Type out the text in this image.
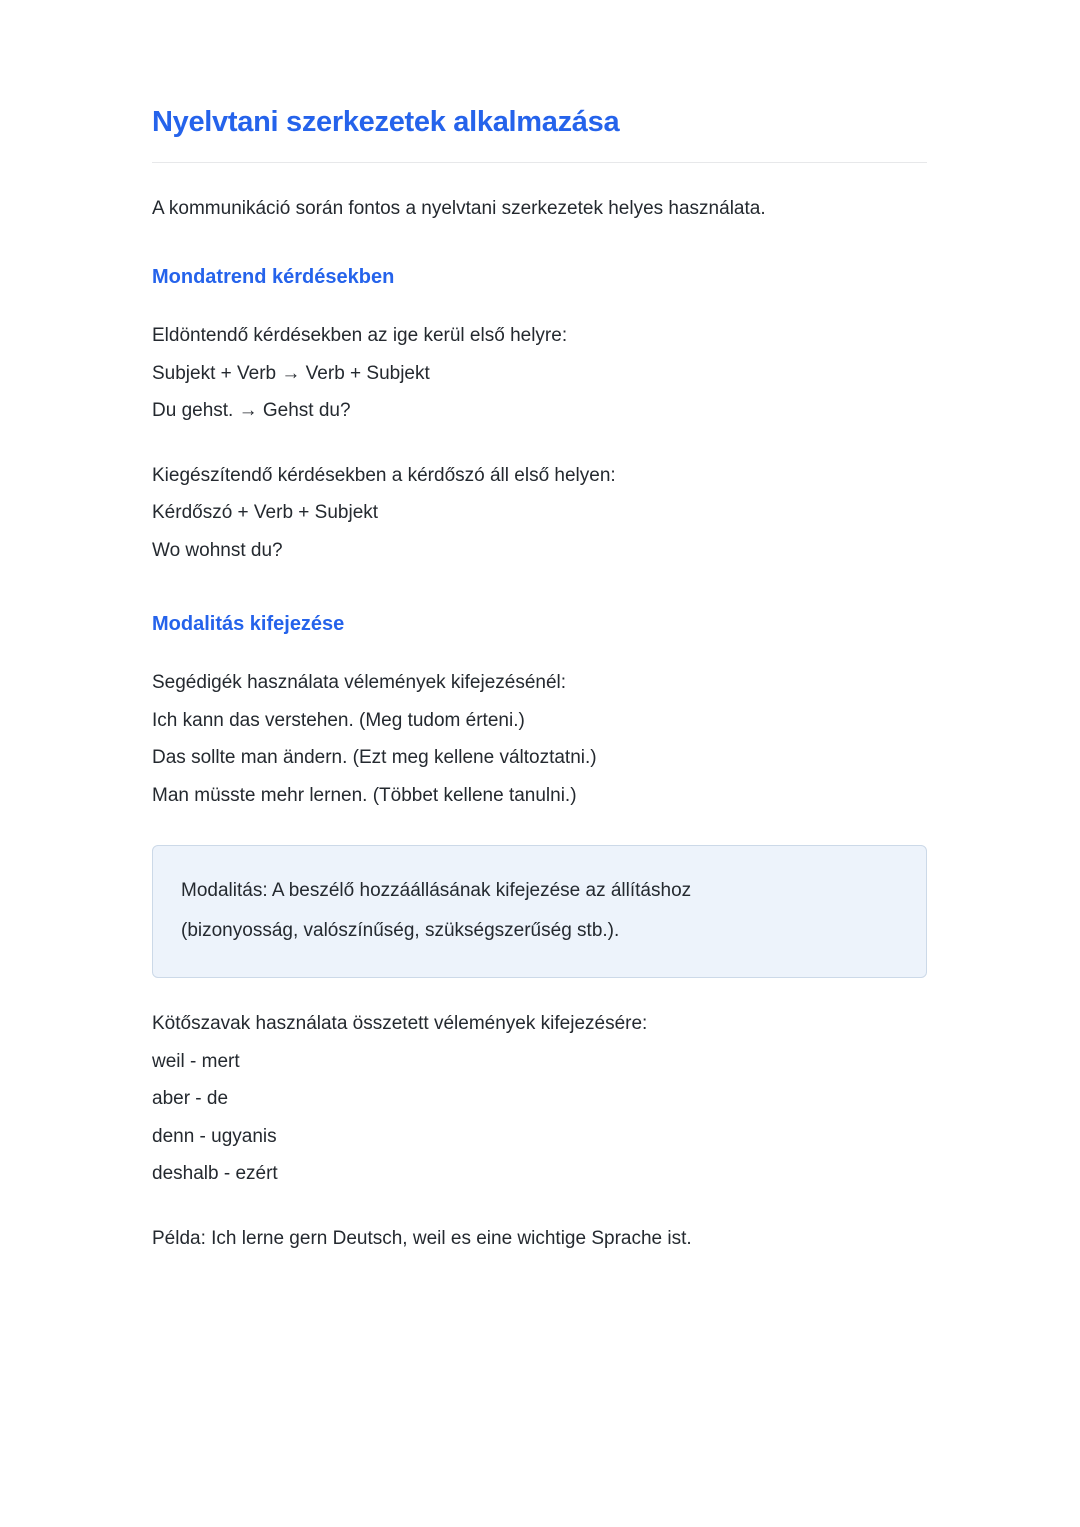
Nyelvtani szerkezetek alkalmazása

A kommunikáció során fontos a nyelvtani szerkezetek helyes használata.

Mondatrend kérdésekben
Eldöntendő kérdésekben az ige kerül első helyre:
Subjekt + Verb → Verb + Subjekt
Du gehst. → Gehst du?
Kiegészítendő kérdésekben a kérdőszó áll első helyen:
Kérdőszó + Verb + Subjekt
Wo wohnst du?
Modalitás kifejezése
Segédigék használata vélemények kifejezésénél:
Ich kann das verstehen. (Meg tudom érteni.)
Das sollte man ändern. (Ezt meg kellene változtatni.)
Man müsste mehr lernen. (Többet kellene tanulni.)
Modalitás: A beszélő hozzáállásának kifejezése az állításhoz
(bizonyosság, valószínűség, szükségszerűség stb.).
Kötőszavak használata összetett vélemények kifejezésére:
weil - mert
aber - de
denn - ugyanis
deshalb - ezért
Példa: Ich lerne gern Deutsch, weil es eine wichtige Sprache ist.
